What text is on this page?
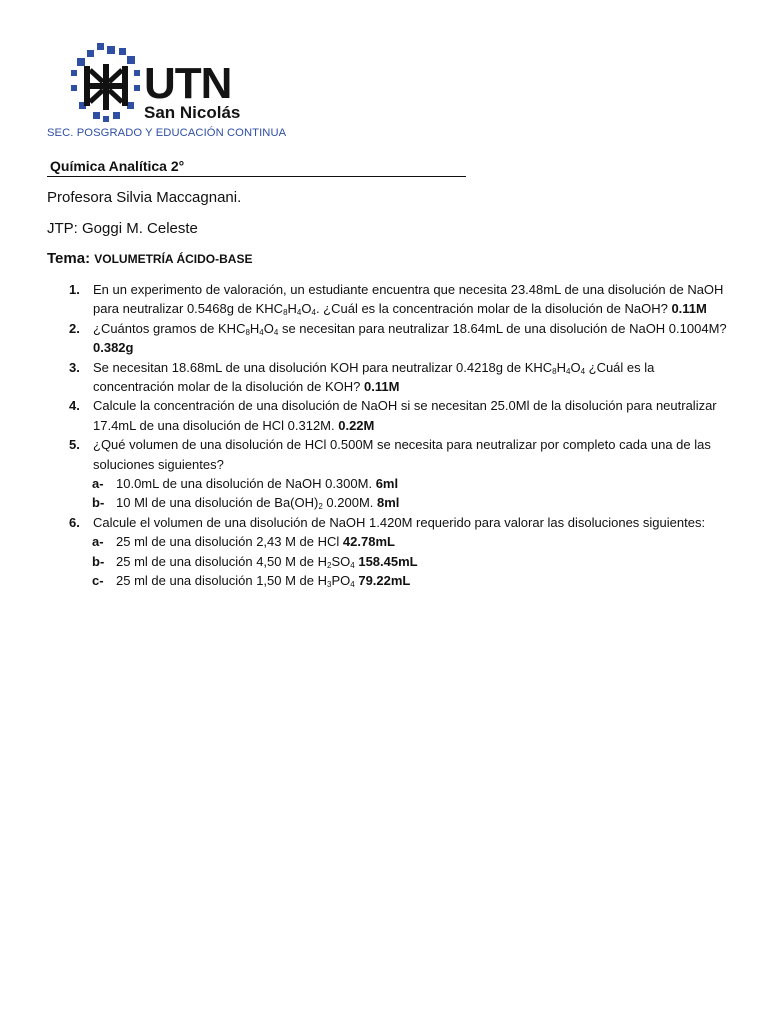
UTN
San Nicolás
SEC. POSGRADO Y EDUCACIÓN CONTINUA
Química Analítica 2°
Profesora Silvia Maccagnani.
JTP: Goggi M. Celeste
Tema: VOLUMETRÍA ÁCIDO-BASE
1. En un experimento de valoración, un estudiante encuentra que necesita 23.48mL de una disolución de NaOH para neutralizar 0.5468g de $KHC_8H_4O_4$. ¿Cuál es la concentración molar de la disolución de NaOH? 0.11M
2. ¿Cuántos gramos de $KHC_8H_4O_4$ se necesitan para neutralizar 18.64mL de una disolución de NaOH 0.1004M? 0.382g
3. Se necesitan 18.68mL de una disolución KOH para neutralizar 0.4218g de $KHC_8H_4O_4$ ¿Cuál es la concentración molar de la disolución de KOH? 0.11M
4. Calcule la concentración de una disolución de NaOH si se necesitan 25.0Ml de la disolución para neutralizar 17.4mL de una disolución de HCl 0.312M. 0.22M
5. ¿Qué volumen de una disolución de HCl 0.500M se necesita para neutralizar por completo cada una de las soluciones siguientes?
a- 10.0mL de una disolución de NaOH 0.300M. 6ml
b- 10 Ml de una disolución de $Ba(OH)_2$ 0.200M. 8ml
6. Calcule el volumen de una disolución de NaOH 1.420M requerido para valorar las disoluciones siguientes:
a- 25 ml de una disolución 2,43 M de HCl 42.78mL
b- 25 ml de una disolución 4,50 M de $H_2SO_4$ 158.45mL
c- 25 ml de una disolución 1,50 M de $H_3PO_4$ 79.22mL
